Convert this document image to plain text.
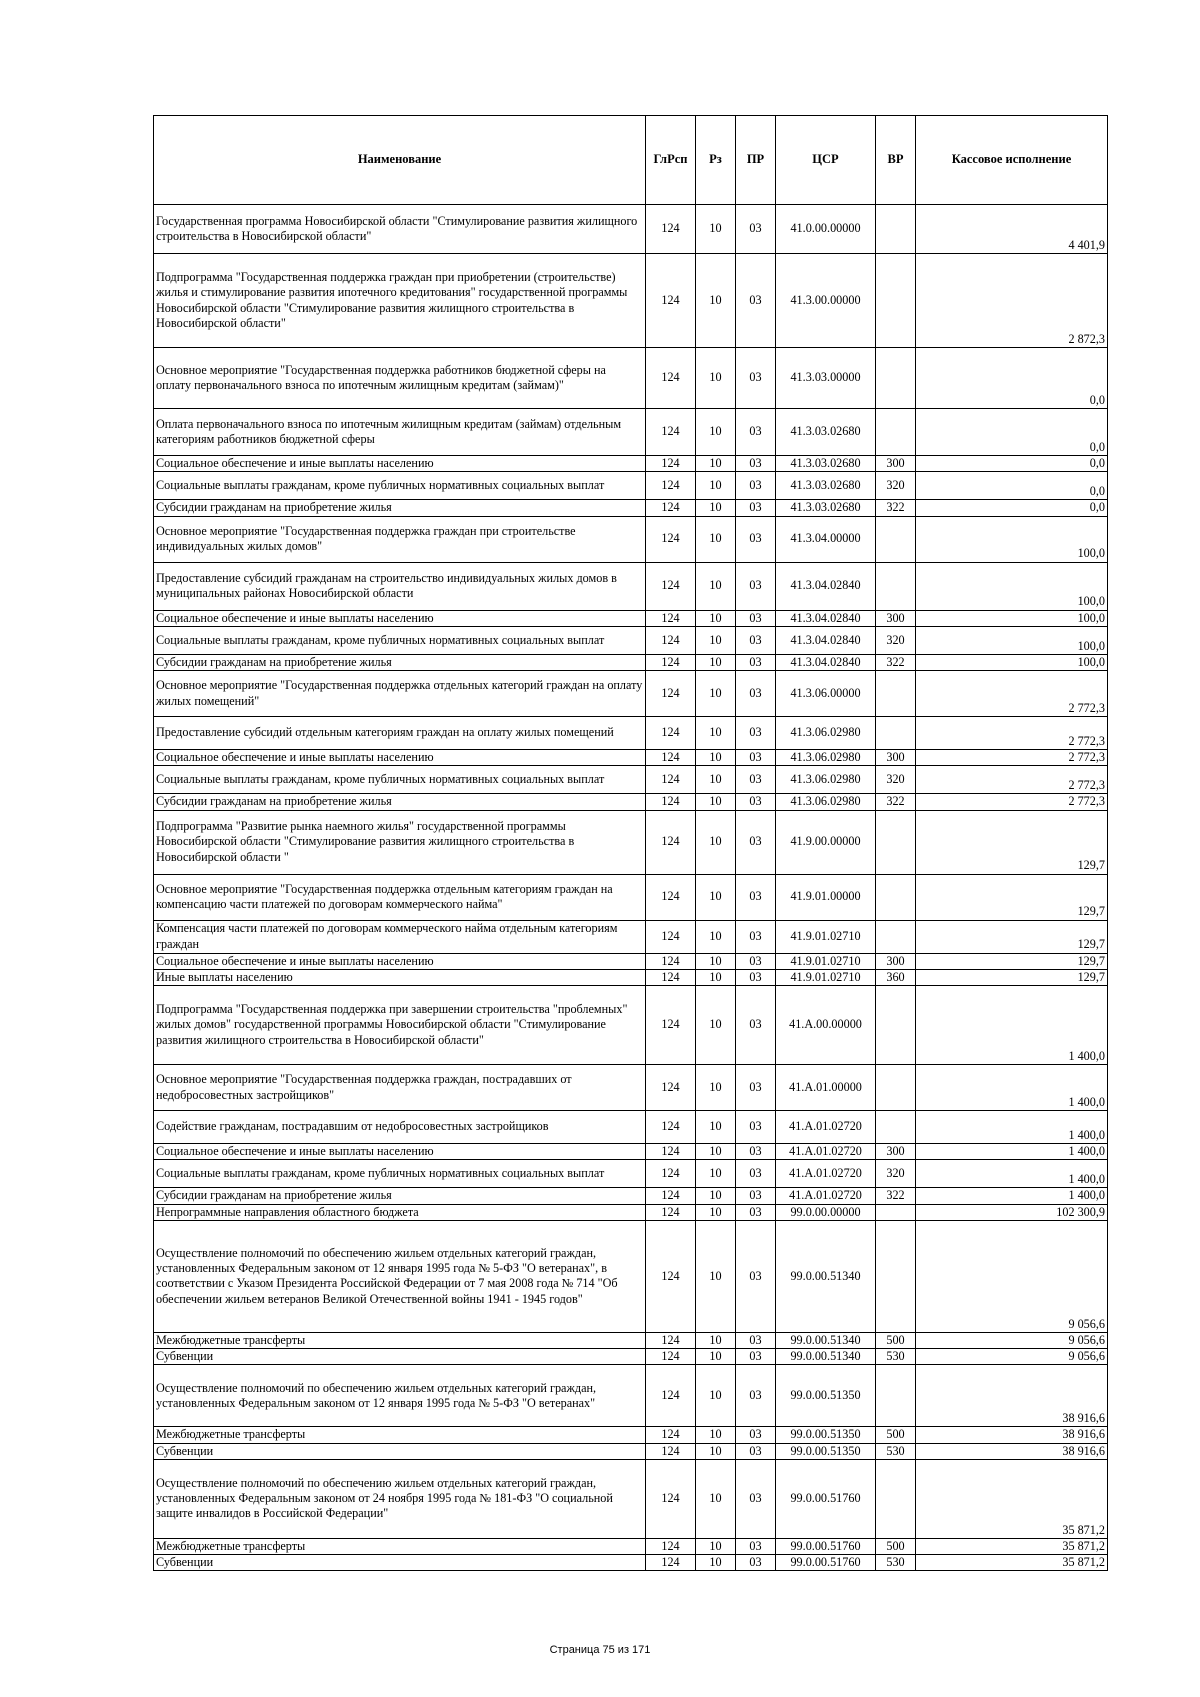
Наименование	ГлРсп	Рз	ПР	ЦСР	ВР	Кассовое исполнение
Государственная программа Новосибирской области "Стимулирование развития жилищного строительства в Новосибирской области"	124	10	03	41.0.00.00000		4 401,9
Подпрограмма "Государственная поддержка граждан при приобретении (строительстве) жилья и стимулирование развития ипотечного кредитования" государственной программы Новосибирской области "Стимулирование развития жилищного строительства в Новосибирской области"	124	10	03	41.3.00.00000		2 872,3
Основное мероприятие "Государственная поддержка работников бюджетной сферы на оплату первоначального взноса по ипотечным жилищным кредитам (займам)"	124	10	03	41.3.03.00000		0,0
Оплата первоначального взноса по ипотечным жилищным кредитам (займам) отдельным категориям работников бюджетной сферы	124	10	03	41.3.03.02680		0,0
Социальное обеспечение и иные выплаты населению	124	10	03	41.3.03.02680	300	0,0
Социальные выплаты гражданам, кроме публичных нормативных социальных выплат	124	10	03	41.3.03.02680	320	0,0
Субсидии гражданам на приобретение жилья	124	10	03	41.3.03.02680	322	0,0
Основное мероприятие "Государственная поддержка граждан при строительстве индивидуальных жилых домов"	124	10	03	41.3.04.00000		100,0
Предоставление субсидий гражданам на строительство индивидуальных жилых домов в муниципальных районах Новосибирской области	124	10	03	41.3.04.02840		100,0
Социальное обеспечение и иные выплаты населению	124	10	03	41.3.04.02840	300	100,0
Социальные выплаты гражданам, кроме публичных нормативных социальных выплат	124	10	03	41.3.04.02840	320	100,0
Субсидии гражданам на приобретение жилья	124	10	03	41.3.04.02840	322	100,0
Основное мероприятие "Государственная поддержка отдельных категорий граждан на оплату жилых помещений"	124	10	03	41.3.06.00000		2 772,3
Предоставление субсидий отдельным категориям граждан на оплату жилых помещений	124	10	03	41.3.06.02980		2 772,3
Социальное обеспечение и иные выплаты населению	124	10	03	41.3.06.02980	300	2 772,3
Социальные выплаты гражданам, кроме публичных нормативных социальных выплат	124	10	03	41.3.06.02980	320	2 772,3
Субсидии гражданам на приобретение жилья	124	10	03	41.3.06.02980	322	2 772,3
Подпрограмма "Развитие рынка наемного жилья" государственной программы Новосибирской области "Стимулирование развития жилищного строительства в Новосибирской области "	124	10	03	41.9.00.00000		129,7
Основное мероприятие "Государственная поддержка отдельным категориям граждан на компенсацию части платежей по договорам коммерческого найма"	124	10	03	41.9.01.00000		129,7
Компенсация части платежей по договорам коммерческого найма отдельным категориям граждан	124	10	03	41.9.01.02710		129,7
Социальное обеспечение и иные выплаты населению	124	10	03	41.9.01.02710	300	129,7
Иные выплаты населению	124	10	03	41.9.01.02710	360	129,7
Подпрограмма "Государственная поддержка при завершении строительства "проблемных" жилых домов" государственной программы Новосибирской области "Стимулирование развития жилищного строительства в Новосибирской области"	124	10	03	41.A.00.00000		1 400,0
Основное мероприятие "Государственная поддержка граждан, пострадавших от недобросовестных застройщиков"	124	10	03	41.A.01.00000		1 400,0
Содействие гражданам, пострадавшим от недобросовестных застройщиков	124	10	03	41.A.01.02720		1 400,0
Социальное обеспечение и иные выплаты населению	124	10	03	41.A.01.02720	300	1 400,0
Социальные выплаты гражданам, кроме публичных нормативных социальных выплат	124	10	03	41.A.01.02720	320	1 400,0
Субсидии гражданам на приобретение жилья	124	10	03	41.A.01.02720	322	1 400,0
Непрограммные направления областного бюджета	124	10	03	99.0.00.00000		102 300,9
Осуществление полномочий по обеспечению жильем отдельных категорий граждан, установленных Федеральным законом от 12 января 1995 года № 5-ФЗ "О ветеранах", в соответствии с Указом Президента Российской Федерации от 7 мая 2008 года № 714 "Об обеспечении жильем ветеранов Великой Отечественной войны 1941 - 1945 годов"	124	10	03	99.0.00.51340		9 056,6
Межбюджетные трансферты	124	10	03	99.0.00.51340	500	9 056,6
Субвенции	124	10	03	99.0.00.51340	530	9 056,6
Осуществление полномочий по обеспечению жильем отдельных категорий граждан, установленных Федеральным законом от 12 января 1995 года № 5-ФЗ "О ветеранах"	124	10	03	99.0.00.51350		38 916,6
Межбюджетные трансферты	124	10	03	99.0.00.51350	500	38 916,6
Субвенции	124	10	03	99.0.00.51350	530	38 916,6
Осуществление полномочий по обеспечению жильем отдельных категорий граждан, установленных Федеральным законом от 24 ноября 1995 года № 181-ФЗ "О социальной защите инвалидов в Российской Федерации"	124	10	03	99.0.00.51760		35 871,2
Межбюджетные трансферты	124	10	03	99.0.00.51760	500	35 871,2
Субвенции	124	10	03	99.0.00.51760	530	35 871,2
Страница 75 из 171
